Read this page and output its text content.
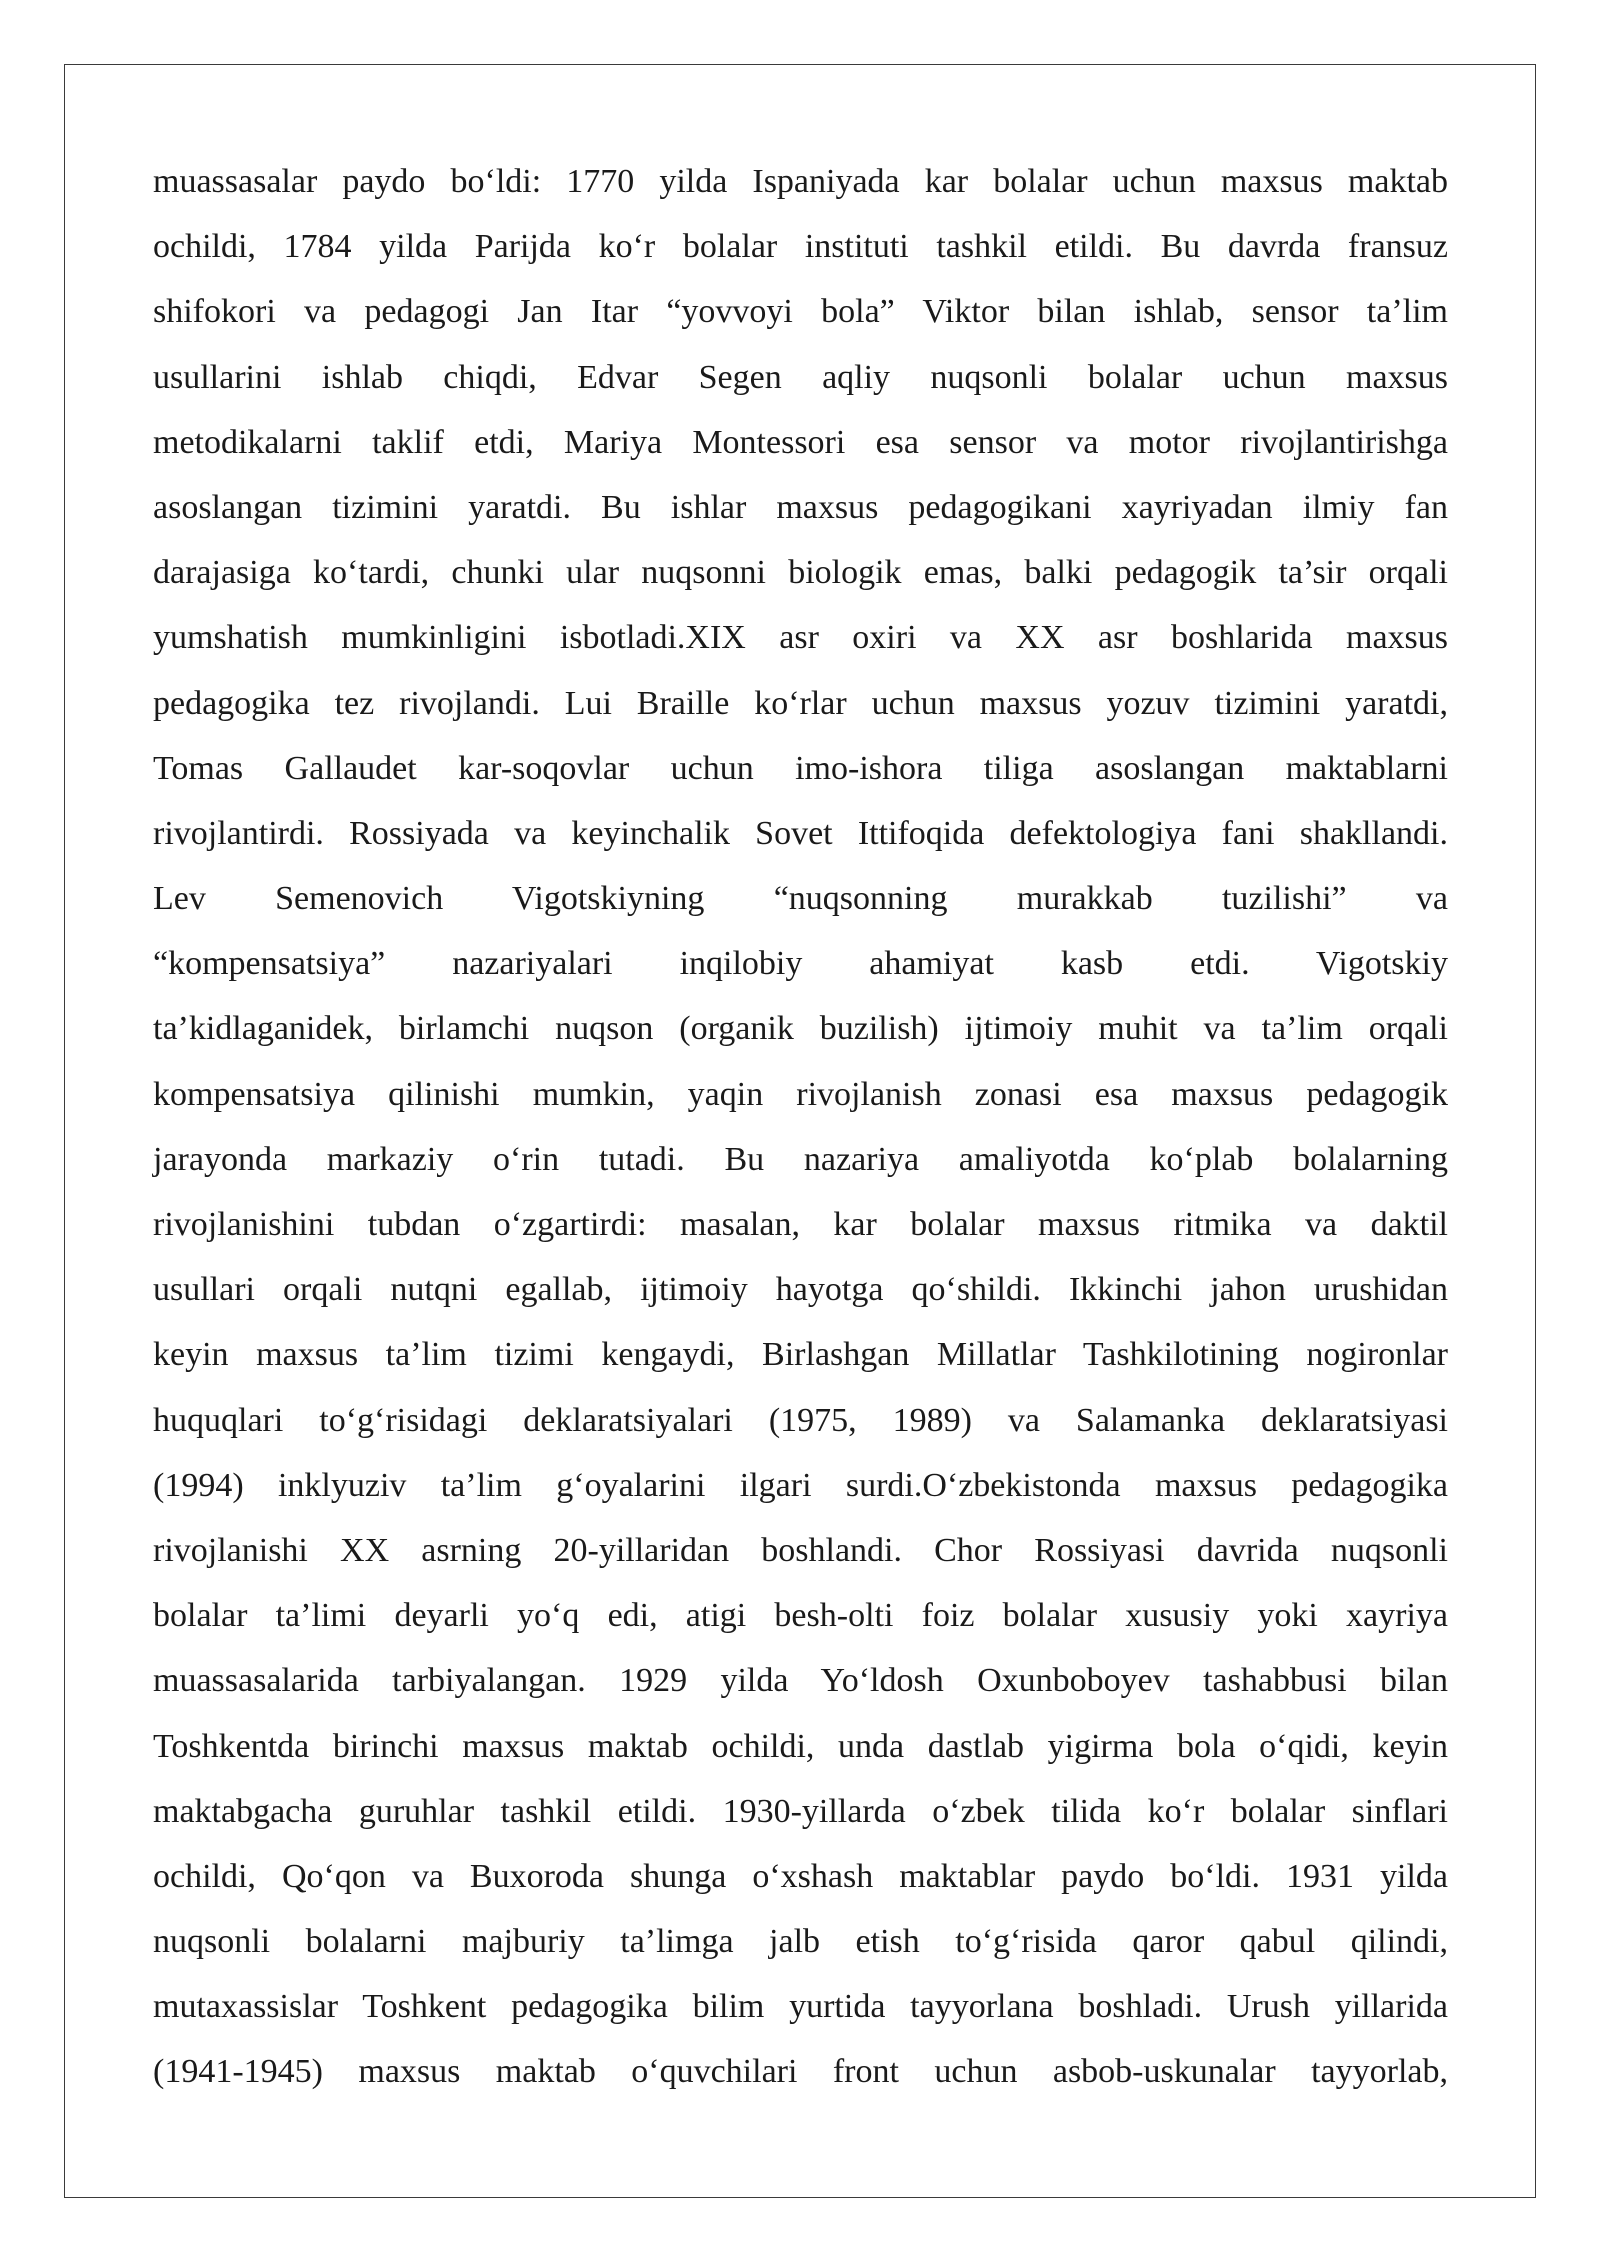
muassasalar paydo bo‘ldi: 1770 yilda Ispaniyada kar bolalar uchun maxsus maktab
ochildi, 1784 yilda Parijda ko‘r bolalar instituti tashkil etildi. Bu davrda fransuz
shifokori va pedagogi Jan Itar “yovvoyi bola” Viktor bilan ishlab, sensor ta’lim
usullarini ishlab chiqdi, Edvar Segen aqliy nuqsonli bolalar uchun maxsus
metodikalarni taklif etdi, Mariya Montessori esa sensor va motor rivojlantirishga
asoslangan tizimini yaratdi. Bu ishlar maxsus pedagogikani xayriyadan ilmiy fan
darajasiga ko‘tardi, chunki ular nuqsonni biologik emas, balki pedagogik ta’sir orqali
yumshatish mumkinligini isbotladi.XIX asr oxiri va XX asr boshlarida maxsus
pedagogika tez rivojlandi. Lui Braille ko‘rlar uchun maxsus yozuv tizimini yaratdi,
Tomas Gallaudet kar-soqovlar uchun imo-ishora tiliga asoslangan maktablarni
rivojlantirdi. Rossiyada va keyinchalik Sovet Ittifoqida defektologiya fani shakllandi.
Lev Semenovich Vigotskiyning “nuqsonning murakkab tuzilishi” va
“kompensatsiya” nazariyalari inqilobiy ahamiyat kasb etdi. Vigotskiy
ta’kidlaganidek, birlamchi nuqson (organik buzilish) ijtimoiy muhit va ta’lim orqali
kompensatsiya qilinishi mumkin, yaqin rivojlanish zonasi esa maxsus pedagogik
jarayonda markaziy o‘rin tutadi. Bu nazariya amaliyotda ko‘plab bolalarning
rivojlanishini tubdan o‘zgartirdi: masalan, kar bolalar maxsus ritmika va daktil
usullari orqali nutqni egallab, ijtimoiy hayotga qo‘shildi. Ikkinchi jahon urushidan
keyin maxsus ta’lim tizimi kengaydi, Birlashgan Millatlar Tashkilotining nogironlar
huquqlari to‘g‘risidagi deklaratsiyalari (1975, 1989) va Salamanka deklaratsiyasi
(1994) inklyuziv ta’lim g‘oyalarini ilgari surdi.O‘zbekistonda maxsus pedagogika
rivojlanishi XX asrning 20-yillaridan boshlandi. Chor Rossiyasi davrida nuqsonli
bolalar ta’limi deyarli yo‘q edi, atigi besh-olti foiz bolalar xususiy yoki xayriya
muassasalarida tarbiyalangan. 1929 yilda Yo‘ldosh Oxunboboyev tashabbusi bilan
Toshkentda birinchi maxsus maktab ochildi, unda dastlab yigirma bola o‘qidi, keyin
maktabgacha guruhlar tashkil etildi. 1930-yillarda o‘zbek tilida ko‘r bolalar sinflari
ochildi, Qo‘qon va Buxoroda shunga o‘xshash maktablar paydo bo‘ldi. 1931 yilda
nuqsonli bolalarni majburiy ta’limga jalb etish to‘g‘risida qaror qabul qilindi,
mutaxassislar Toshkent pedagogika bilim yurtida tayyorlana boshladi. Urush yillarida
(1941-1945) maxsus maktab o‘quvchilari front uchun asbob-uskunalar tayyorlab,
